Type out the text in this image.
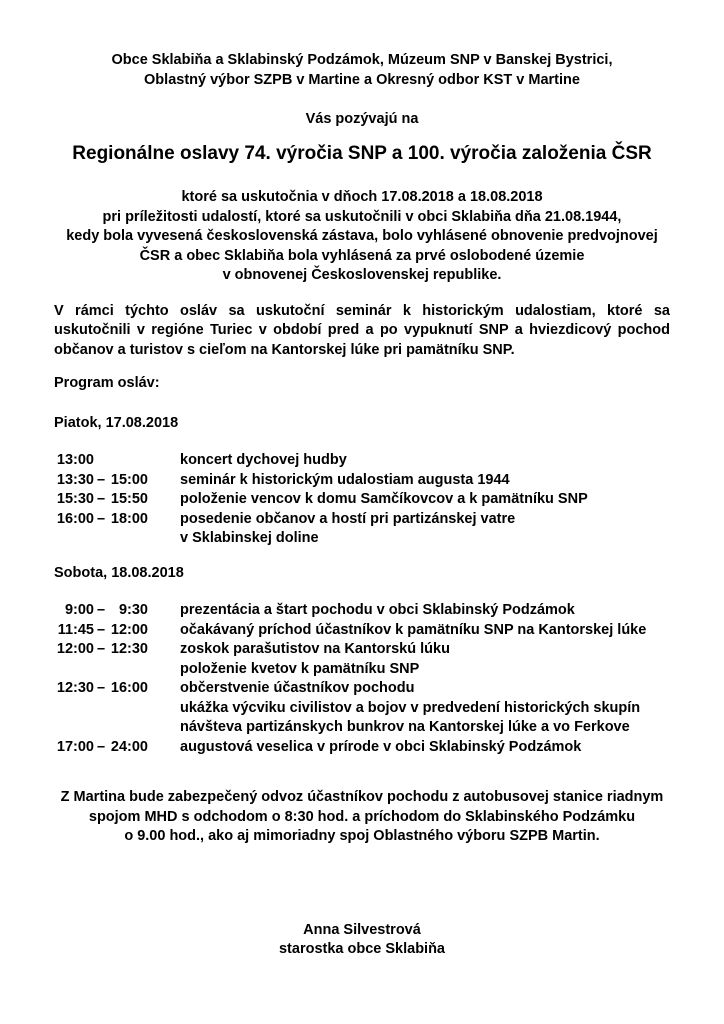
Obce Sklabiňa a Sklabinský Podzámok, Múzeum SNP v Banskej Bystrici,
Oblastný výbor SZPB v Martine a Okresný odbor KST v Martine
Vás pozývajú na
Regionálne oslavy 74. výročia SNP a 100. výročia založenia ČSR
ktoré sa uskutočnia v dňoch 17.08.2018 a 18.08.2018
pri príležitosti udalostí, ktoré sa uskutočnili v obci Sklabiňa dňa 21.08.1944,
kedy bola vyvesená československá zástava, bolo vyhlásené obnovenie predvojnovej
ČSR a obec Sklabiňa bola vyhlásená za prvé oslobodené územie
v obnovenej Československej republike.
V rámci týchto osláv sa uskutoční seminár k historickým udalostiam, ktoré sa
uskutočnili v regióne Turiec v období pred a po vypuknutí SNP a hviezdicový pochod
občanov a turistov s cieľom na Kantorskej lúke pri pamätníku SNP.
Program osláv:
Piatok, 17.08.2018
13:00	koncert dychovej hudby
13:30 – 15:00 seminár k historickým udalostiam augusta 1944
15:30 – 15:50 položenie vencov k domu Samčíkovcov a k pamätníku SNP
16:00 – 18:00 posedenie občanov a hostí pri partizánskej vatre
v Sklabinskej doline
Sobota, 18.08.2018
9:00 – 9:30 prezentácia a štart pochodu v obci Sklabinský Podzámok
11:45 – 12:00 očakávaný príchod účastníkov k pamätníku SNP na Kantorskej lúke
12:00 – 12:30 zoskok parašutistov na Kantorskú lúku
položenie kvetov k pamätníku SNP
12:30 – 16:00 občerstvenie účastníkov pochodu
ukážka výcviku civilistov a bojov v predvedení historických skupín
návšteva partizánskych bunkrov na Kantorskej lúke a vo Ferkove
17:00 – 24:00 augustová veselica v prírode v obci Sklabinský Podzámok
Z Martina bude zabezpečený odvoz účastníkov pochodu z autobusovej stanice riadnym
spojom MHD s odchodom o 8:30 hod. a príchodom do Sklabinského Podzámku
o 9.00 hod., ako aj mimoriadny spoj Oblastného výboru SZPB Martin.
Anna Silvestrová
starostka obce Sklabiňa
